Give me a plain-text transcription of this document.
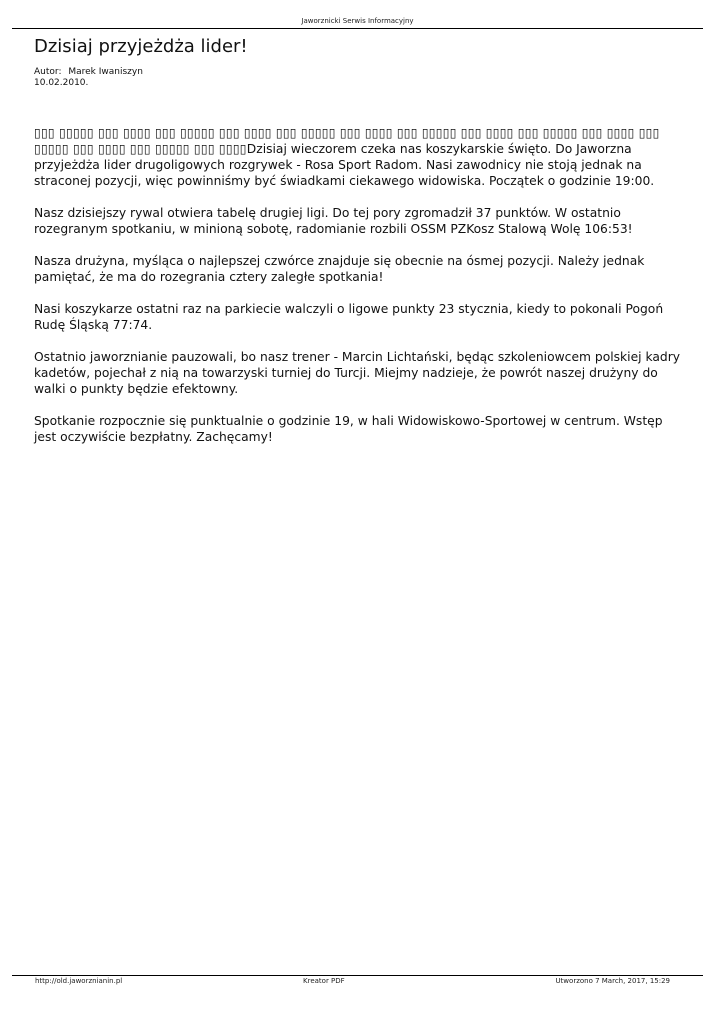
Jaworznicki Serwis Informacyjny
Dzisiaj przyjeżdża lider!
Autor: Marek Iwaniszyn
10.02.2010.

▯▯▯ ▯▯▯▯▯ ▯▯▯ ▯▯▯▯ ▯▯▯ ▯▯▯▯▯ ▯▯▯ ▯▯▯▯ ▯▯▯ ▯▯▯▯▯ ▯▯▯ ▯▯▯▯ ▯▯▯ ▯▯▯▯▯ ▯▯▯ ▯▯▯▯ ▯▯▯ ▯▯▯▯▯ ▯▯▯ ▯▯▯▯ ▯▯▯ ▯▯▯▯▯ ▯▯▯ ▯▯▯▯ ▯▯▯ ▯▯▯▯▯ ▯▯▯ ▯▯▯▯Dzisiaj wieczorem czeka nas koszykarskie święto. Do Jaworzna przyjeżdża lider drugoligowych rozgrywek - Rosa Sport Radom. Nasi zawodnicy nie stoją jednak na straconej pozycji, więc powinniśmy być świadkami ciekawego widowiska. Początek o godzinie 19:00.

Nasz dzisiejszy rywal otwiera tabelę drugiej ligi. Do tej pory zgromadził 37 punktów. W ostatnio rozegranym spotkaniu, w minioną sobotę, radomianie rozbili OSSM PZKosz Stalową Wolę 106:53!

Nasza drużyna, myśląca o najlepszej czwórce znajduje się obecnie na ósmej pozycji. Należy jednak pamiętać, że ma do rozegrania cztery zaległe spotkania!

Nasi koszykarze ostatni raz na parkiecie walczyli o ligowe punkty 23 stycznia, kiedy to pokonali Pogoń Rudę Śląską 77:74.

Ostatnio jaworznianie pauzowali, bo nasz trener - Marcin Lichtański, będąc szkoleniowcem polskiej kadry kadetów, pojechał z nią na towarzyski turniej do Turcji. Miejmy nadzieje, że powrót naszej drużyny do walki o punkty będzie efektowny.

Spotkanie rozpocznie się punktualnie o godzinie 19, w hali Widowiskowo-Sportowej w centrum. Wstęp jest oczywiście bezpłatny. Zachęcamy!

http://old.jaworznianin.pl	Kreator PDF	Utworzono 7 March, 2017, 15:29
